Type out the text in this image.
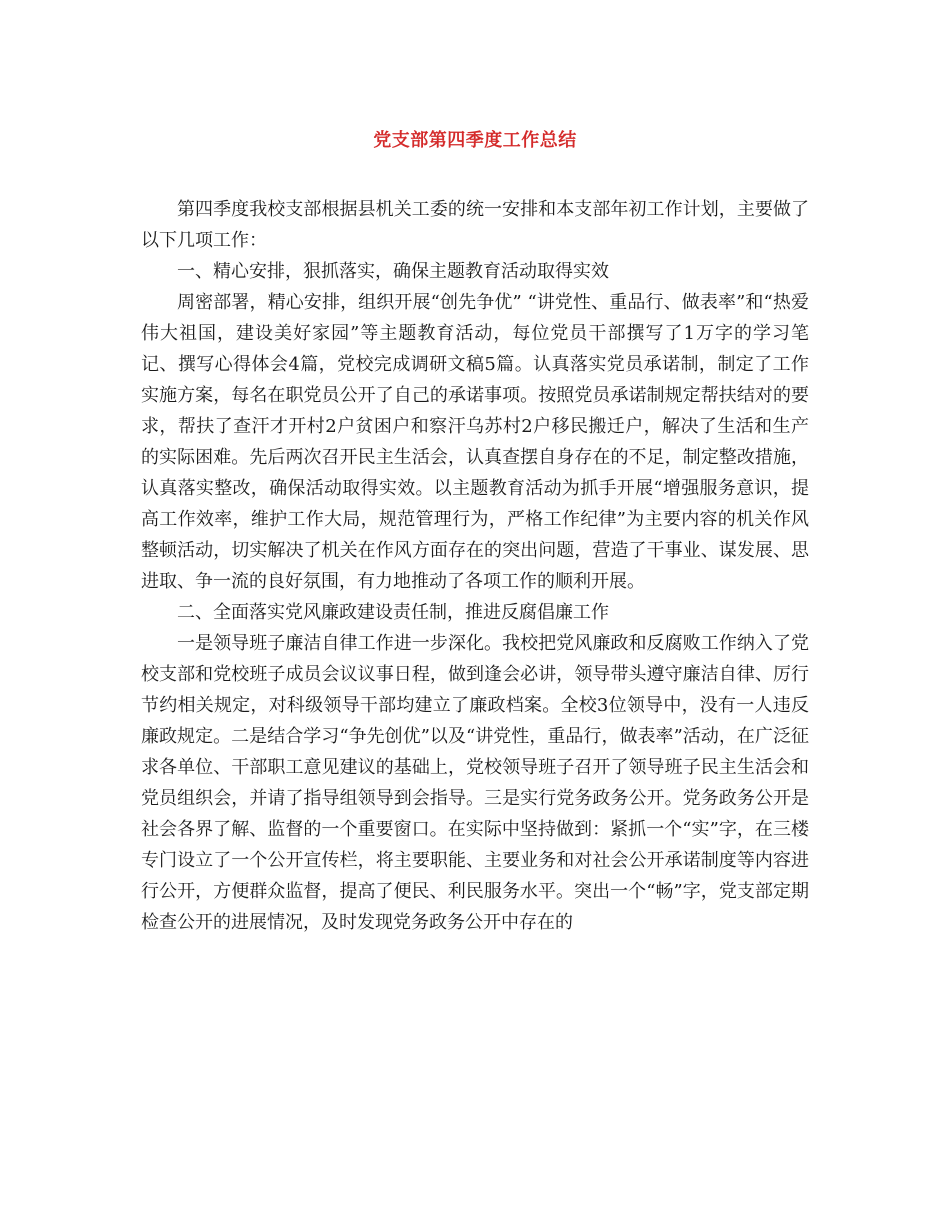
党支部第四季度工作总结

第四季度我校支部根据县机关工委的统一安排和本支部年初工作计划，主要做了以下几项工作：

一、精心安排，狠抓落实，确保主题教育活动取得实效

周密部署，精心安排，组织开展“创先争优” “讲党性、重品行、做表率”和“热爱伟大祖国，建设美好家园”等主题教育活动，每位党员干部撰写了1万字的学习笔记、撰写心得体会4篇，党校完成调研文稿5篇。认真落实党员承诺制，制定了工作实施方案，每名在职党员公开了自己的承诺事项。按照党员承诺制规定帮扶结对的要求，帮扶了查汗才开村2户贫困户和察汗乌苏村2户移民搬迁户，解决了生活和生产的实际困难。先后两次召开民主生活会，认真查摆自身存在的不足，制定整改措施，认真落实整改，确保活动取得实效。以主题教育活动为抓手开展“增强服务意识，提高工作效率，维护工作大局，规范管理行为，严格工作纪律”为主要内容的机关作风整顿活动，切实解决了机关在作风方面存在的突出问题，营造了干事业、谋发展、思进取、争一流的良好氛围，有力地推动了各项工作的顺利开展。

二、全面落实党风廉政建设责任制，推进反腐倡廉工作

一是领导班子廉洁自律工作进一步深化。我校把党风廉政和反腐败工作纳入了党校支部和党校班子成员会议议事日程，做到逢会必讲，领导带头遵守廉洁自律、厉行节约相关规定，对科级领导干部均建立了廉政档案。全校3位领导中，没有一人违反廉政规定。二是结合学习“争先创优”以及“讲党性，重品行，做表率”活动，在广泛征求各单位、干部职工意见建议的基础上，党校领导班子召开了领导班子民主生活会和党员组织会，并请了指导组领导到会指导。三是实行党务政务公开。党务政务公开是社会各界了解、监督的一个重要窗口。在实际中坚持做到：紧抓一个“实”字，在三楼专门设立了一个公开宣传栏，将主要职能、主要业务和对社会公开承诺制度等内容进行公开，方便群众监督，提高了便民、利民服务水平。突出一个“畅”字，党支部定期检查公开的进展情况，及时发现党务政务公开中存在的
